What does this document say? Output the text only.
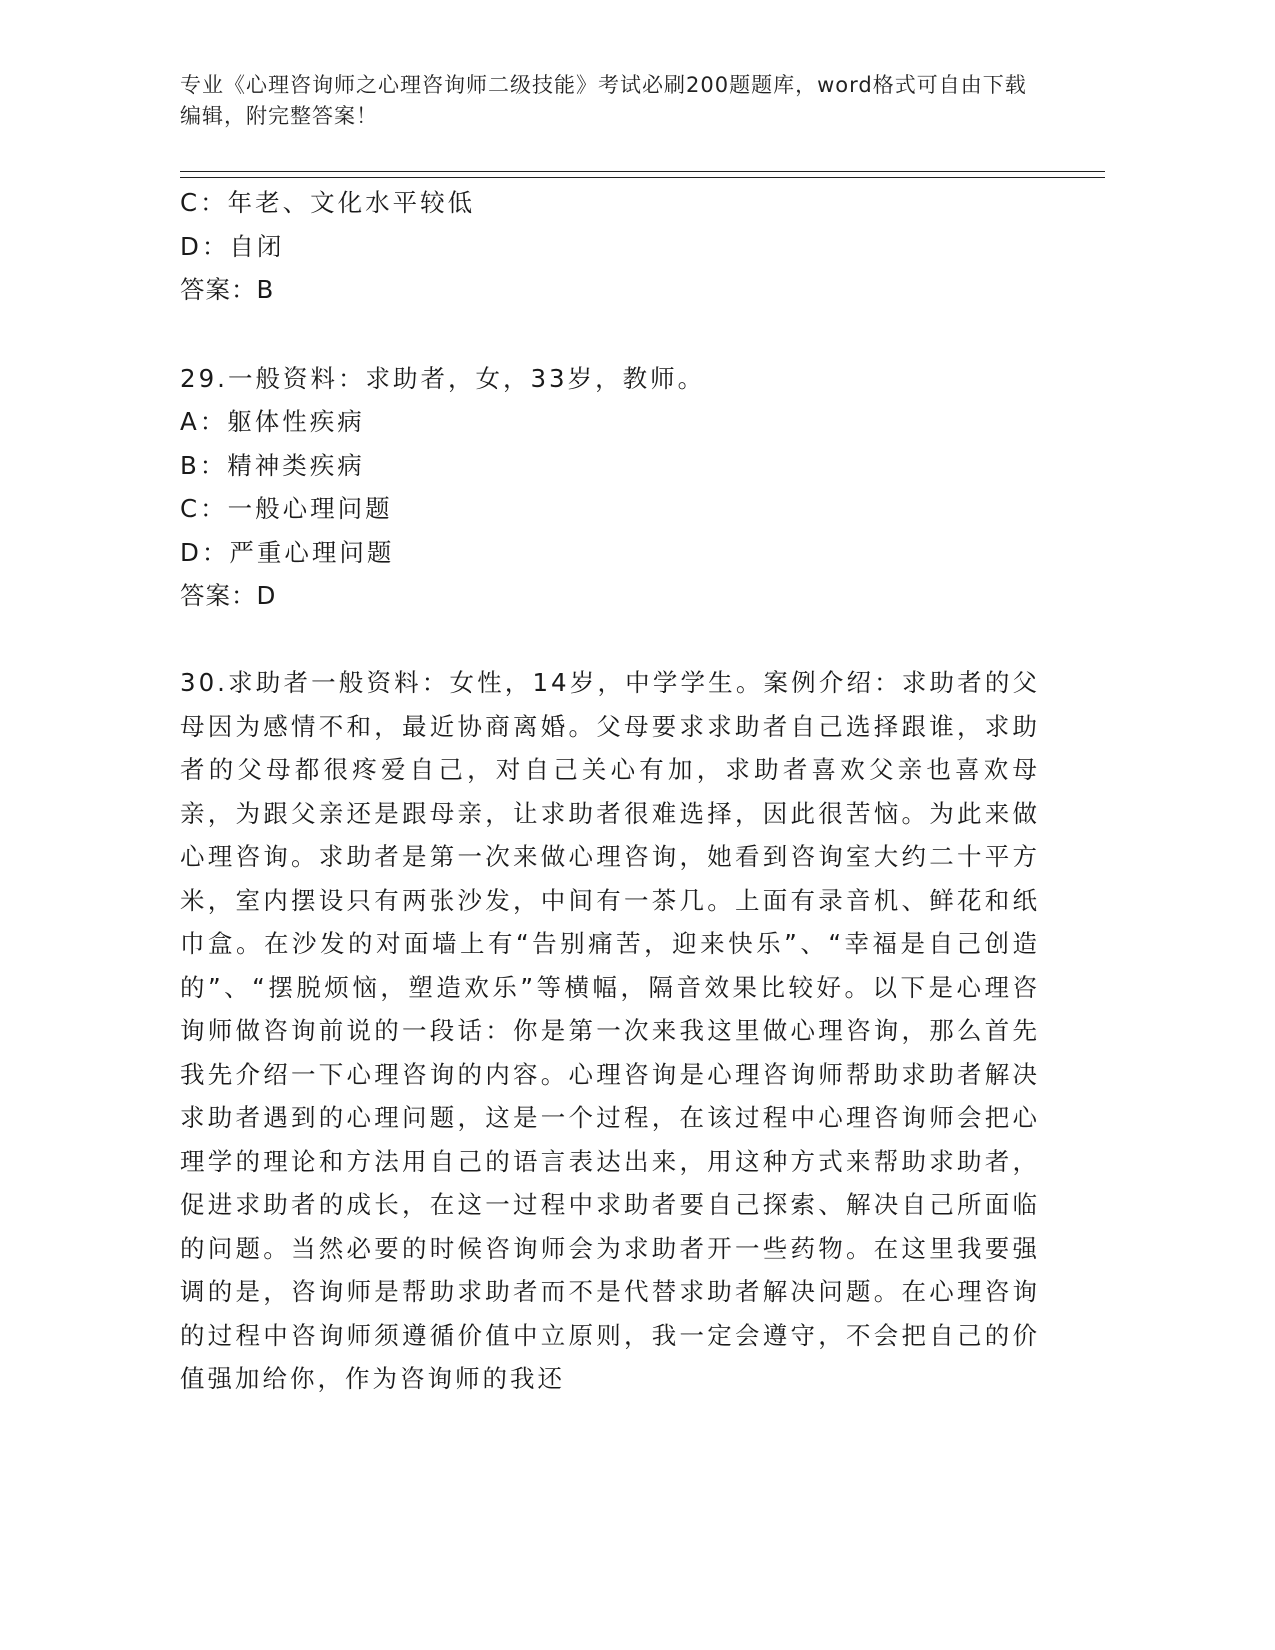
专业《心理咨询师之心理咨询师二级技能》考试必刷200题题库，word格式可自由下载编辑，附完整答案！
C：年老、文化水平较低
D：自闭
答案：B
29.一般资料：求助者，女，33岁，教师。
A：躯体性疾病
B：精神类疾病
C：一般心理问题
D：严重心理问题
答案：D

30.求助者一般资料：女性，14岁，中学学生。案例介绍：求助者的父母因为感情不和，最近协商离婚。父母要求求助者自己选择跟谁，求助者的父母都很疼爱自己，对自己关心有加，求助者喜欢父亲也喜欢母亲，为跟父亲还是跟母亲，让求助者很难选择，因此很苦恼。为此来做心理咨询。求助者是第一次来做心理咨询，她看到咨询室大约二十平方米，室内摆设只有两张沙发，中间有一茶几。上面有录音机、鲜花和纸巾盒。在沙发的对面墙上有“告别痛苦，迎来快乐”、“幸福是自己创造的”、“摆脱烦恼，塑造欢乐”等横幅，隔音效果比较好。以下是心理咨询师做咨询前说的一段话：你是第一次来我这里做心理咨询，那么首先我先介绍一下心理咨询的内容。心理咨询是心理咨询师帮助求助者解决求助者遇到的心理问题，这是一个过程，在该过程中心理咨询师会把心理学的理论和方法用自己的语言表达出来，用这种方式来帮助求助者，促进求助者的成长，在这一过程中求助者要自己探索、解决自己所面临的问题。当然必要的时候咨询师会为求助者开一些药物。在这里我要强调的是，咨询师是帮助求助者而不是代替求助者解决问题。在心理咨询的过程中咨询师须遵循价值中立原则，我一定会遵守，不会把自己的价值强加给你，作为咨询师的我还
